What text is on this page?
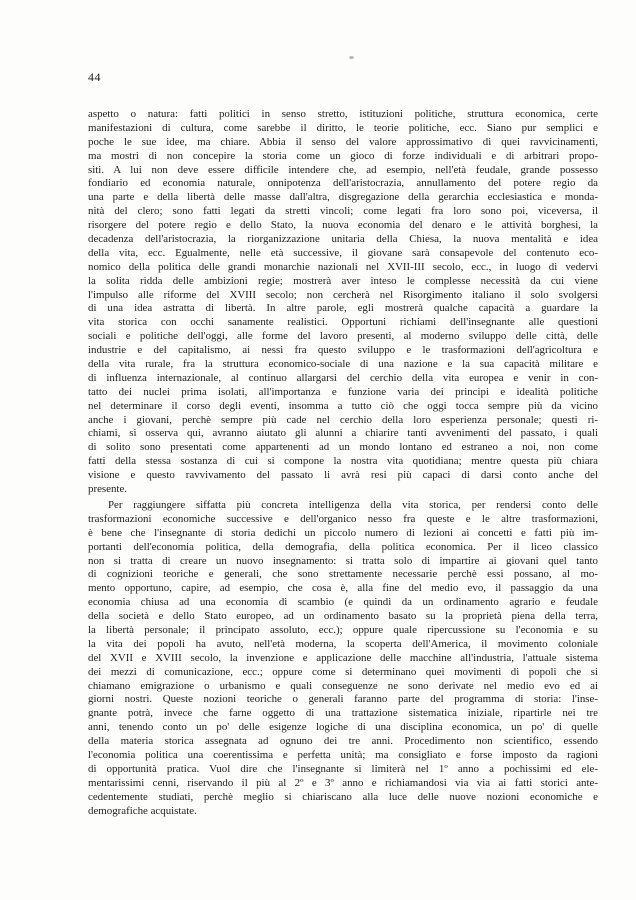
44
aspetto o natura: fatti politici in senso stretto, istituzioni politiche, struttura economica, certe
manifestazioni di cultura, come sarebbe il diritto, le teorie politiche, ecc. Siano pur semplici e
poche le sue idee, ma chiare. Abbia il senso del valore approssimativo di quei ravvicinamenti,
ma mostri di non concepire la storia come un gioco di forze individuali e di arbitrari propo-
siti. A lui non deve essere difficile intendere che, ad esempio, nell'età feudale, grande possesso
fondiario ed economia naturale, onnipotenza dell'aristocrazia, annullamento del potere regio da
una parte e della libertà delle masse dall'altra, disgregazione della gerarchia ecclesiastica e monda-
nità del clero; sono fatti legati da stretti vincoli; come legati fra loro sono poi, viceversa, il
risorgere del potere regio e dello Stato, la nuova economia del denaro e le attività borghesi, la
decadenza dell'aristocrazia, la riorganizzazione unitaria della Chiesa, la nuova mentalità e idea
della vita, ecc. Egualmente, nelle età successive, il giovane sarà consapevole del contenuto eco-
nomico della politica delle grandi monarchie nazionali nel XVII-III secolo, ecc., in luogo di vedervi
la solita ridda delle ambizioni regie; mostrerà aver inteso le complesse necessità da cui viene
l'impulso alle riforme del XVIII secolo; non cercherà nel Risorgimento italiano il solo svolgersi
di una idea astratta di libertà. In altre parole, egli mostrerà qualche capacità a guardare la
vita storica con occhi sanamente realistici. Opportuni richiami dell'insegnante alle questioni
sociali e politiche dell'oggi, alle forme del lavoro presenti, al moderno sviluppo delle città, delle
industrie e del capitalismo, ai nessi fra questo sviluppo e le trasformazioni dell'agricoltura e
della vita rurale, fra la struttura economico-sociale di una nazione e la sua capacità militare e
di influenza internazionale, al continuo allargarsi del cerchio della vita europea e venir in con-
tatto dei nuclei prima isolati, all'importanza e funzione varia dei principi e idealità politiche
nel determinare il corso degli eventi, insomma a tutto ciò che oggi tocca sempre più da vicino
anche i giovani, perchè sempre più cade nel cerchio della loro esperienza personale; questi ri-
chiami, si osserva qui, avranno aiutato gli alunni a chiarire tanti avvenimenti del passato, i quali
di solito sono presentati come appartenenti ad un mondo lontano ed estraneo a noi, non come
fatti della stessa sostanza di cui si compone la nostra vita quotidiana; mentre questa più chiara
visione e questo ravvivamento del passato li avrà resi più capaci di darsi conto anche del
presente.
Per raggiungere siffatta più concreta intelligenza della vita storica, per rendersi conto delle
trasformazioni economiche successive e dell'organico nesso fra queste e le altre trasformazioni,
è bene che l'insegnante di storia dedichi un piccolo numero di lezioni ai concetti e fatti più im-
portanti dell'economia politica, della demografia, della politica economica. Per il liceo classico
non si tratta di creare un nuovo insegnamento: si tratta solo di impartire ai giovani quel tanto
di cognizioni teoriche e generali, che sono strettamente necessarie perchè essi possano, al mo-
mento opportuno, capire, ad esempio, che cosa è, alla fine del medio evo, il passaggio da una
economia chiusa ad una economia di scambio (e quindi da un ordinamento agrario e feudale
della società e dello Stato europeo, ad un ordinamento basato su la proprietà piena della terra,
la libertà personale; il principato assoluto, ecc.); oppure quale ripercussione su l'economia e su
la vita dei popoli ha avuto, nell'età moderna, la scoperta dell'America, il movimento coloniale
del XVII e XVIII secolo, la invenzione e applicazione delle macchine all'industria, l'attuale sistema
dei mezzi di comunicazione, ecc.; oppure come si determinano quei movimenti di popoli che si
chiamano emigrazione o urbanismo e quali conseguenze ne sono derivate nel medio evo ed ai
giorni nostri. Queste nozioni teoriche o generali faranno parte del programma di storia: l'inse-
gnante potrà, invece che farne oggetto di una trattazione sistematica iniziale, ripartirle nei tre
anni, tenendo conto un po' delle esigenze logiche di una disciplina economica, un po' di quelle
della materia storica assegnata ad ognuno dei tre anni. Procedimento non scientifico, essendo
l'economia politica una coerentissima e perfetta unità; ma consigliato e forse imposto da ragioni
di opportunità pratica. Vuol dire che l'insegnante si limiterà nel 1º anno a pochissimi ed ele-
mentarissimi cenni, riservando il più al 2º e 3º anno e richiamandosi via via ai fatti storici ante-
cedentemente studiati, perchè meglio si chiariscano alla luce delle nuove nozioni economiche e
demografiche acquistate.
